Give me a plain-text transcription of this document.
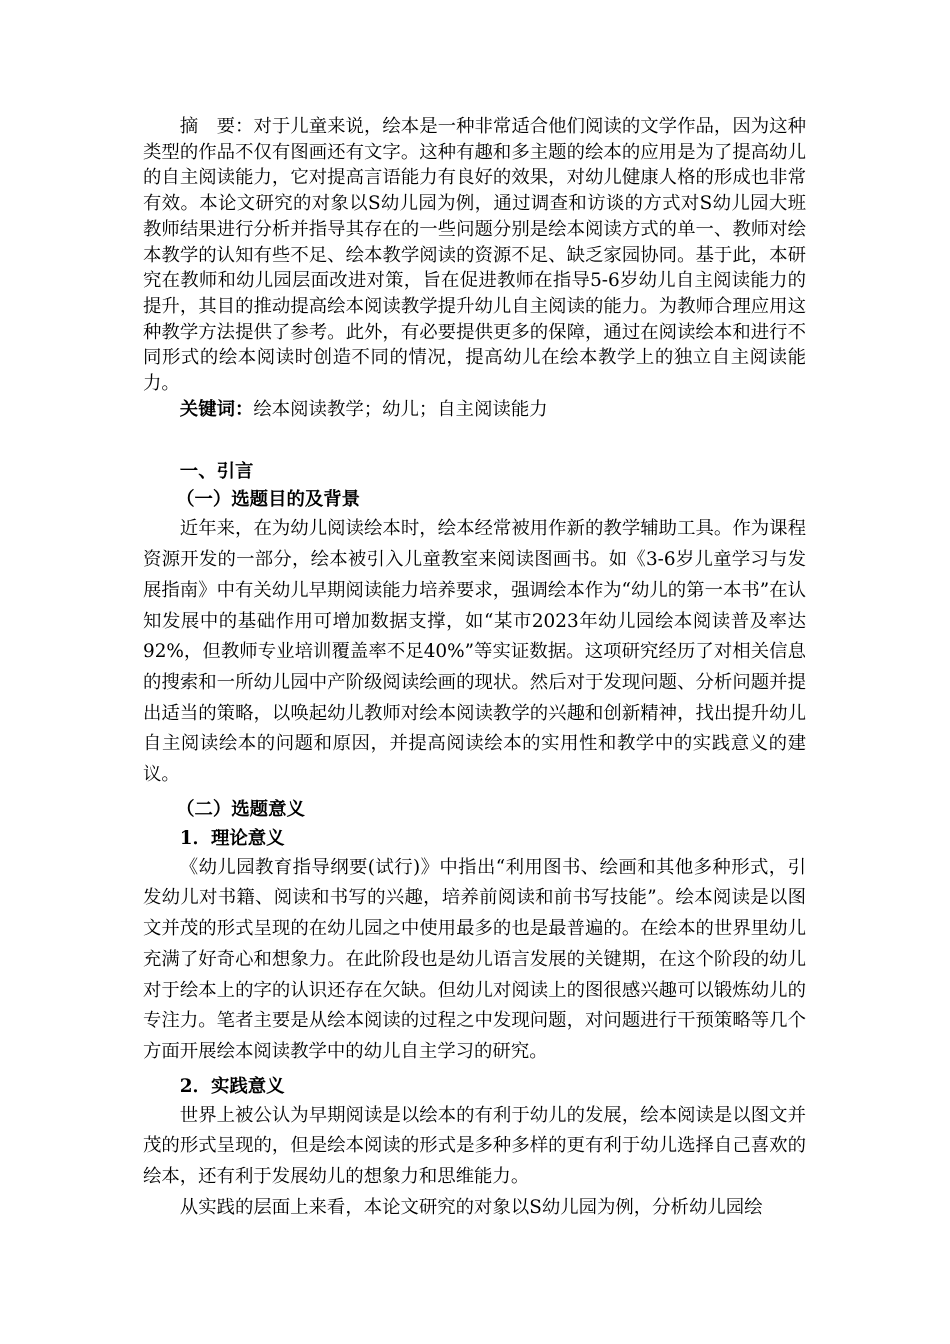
摘　要：对于儿童来说，绘本是一种非常适合他们阅读的文学作品，因为这种类型的作品不仅有图画还有文字。这种有趣和多主题的绘本的应用是为了提高幼儿的自主阅读能力，它对提高言语能力有良好的效果，对幼儿健康人格的形成也非常有效。本论文研究的对象以S幼儿园为例，通过调查和访谈的方式对S幼儿园大班教师结果进行分析并指导其存在的一些问题分别是绘本阅读方式的单一、教师对绘本教学的认知有些不足、绘本教学阅读的资源不足、缺乏家园协同。基于此，本研究在教师和幼儿园层面改进对策，旨在促进教师在指导5-6岁幼儿自主阅读能力的提升，其目的推动提高绘本阅读教学提升幼儿自主阅读的能力。为教师合理应用这种教学方法提供了参考。此外，有必要提供更多的保障，通过在阅读绘本和进行不同形式的绘本阅读时创造不同的情况，提高幼儿在绘本教学上的独立自主阅读能力。

关键词：绘本阅读教学；幼儿；自主阅读能力

一、引言
（一）选题目的及背景

近年来，在为幼儿阅读绘本时，绘本经常被用作新的教学辅助工具。作为课程资源开发的一部分，绘本被引入儿童教室来阅读图画书。如《3-6岁儿童学习与发展指南》中有关幼儿早期阅读能力培养要求，强调绘本作为“幼儿的第一本书”在认知发展中的基础作用可增加数据支撑，如“某市2023年幼儿园绘本阅读普及率达92%，但教师专业培训覆盖率不足40%”等实证数据。这项研究经历了对相关信息的搜索和一所幼儿园中产阶级阅读绘画的现状。然后对于发现问题、分析问题并提出适当的策略，以唤起幼儿教师对绘本阅读教学的兴趣和创新精神，找出提升幼儿自主阅读绘本的问题和原因，并提高阅读绘本的实用性和教学中的实践意义的建议。

（二）选题意义
1．理论意义

《幼儿园教育指导纲要(试行)》中指出“利用图书、绘画和其他多种形式，引发幼儿对书籍、阅读和书写的兴趣，培养前阅读和前书写技能”。绘本阅读是以图文并茂的形式呈现的在幼儿园之中使用最多的也是最普遍的。在绘本的世界里幼儿充满了好奇心和想象力。在此阶段也是幼儿语言发展的关键期，在这个阶段的幼儿对于绘本上的字的认识还存在欠缺。但幼儿对阅读上的图很感兴趣可以锻炼幼儿的专注力。笔者主要是从绘本阅读的过程之中发现问题，对问题进行干预策略等几个方面开展绘本阅读教学中的幼儿自主学习的研究。

2．实践意义

世界上被公认为早期阅读是以绘本的有利于幼儿的发展，绘本阅读是以图文并茂的形式呈现的，但是绘本阅读的形式是多种多样的更有利于幼儿选择自己喜欢的绘本，还有利于发展幼儿的想象力和思维能力。

从实践的层面上来看，本论文研究的对象以S幼儿园为例，分析幼儿园绘
